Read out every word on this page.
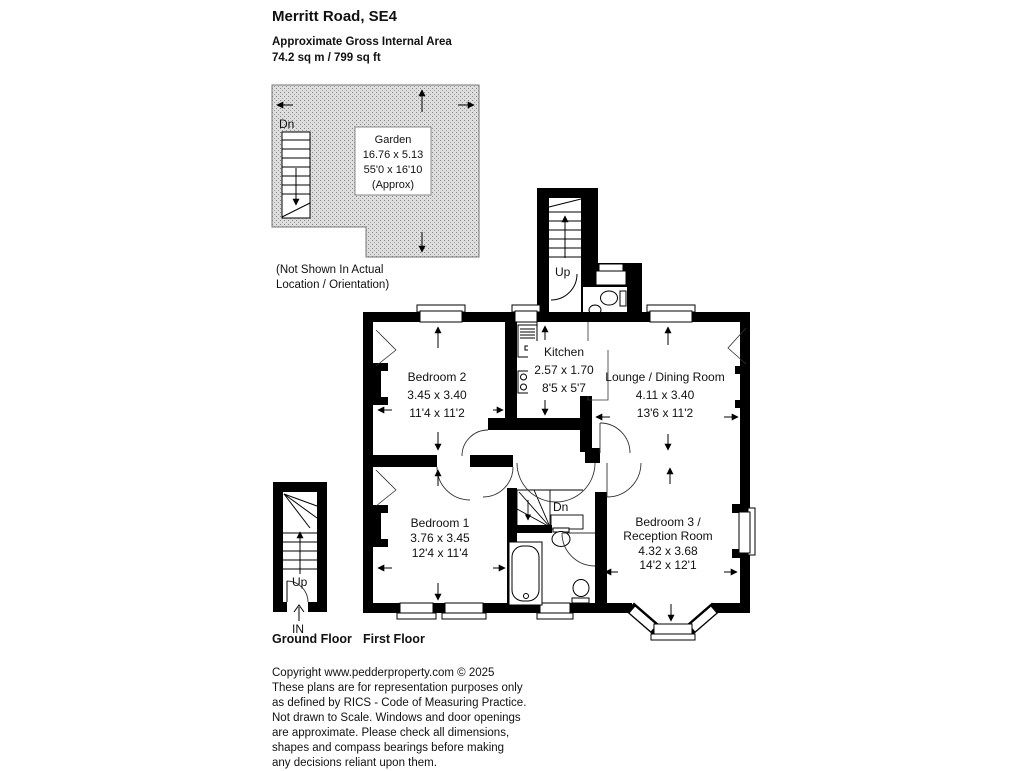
Merritt Road, SE4

Approximate Gross Internal Area

74.2 sq m / 799 sq ft

Dn
Garden
16.76 x 5.13
55'0 x 16'10
(Approx)
Up
Bedroom 2
3.45 x 3.40
11'4 x 11'2
Kitchen
2.57 x 1.70
8'5 x 5'7
Lounge / Dining Room
4.11 x 3.40
13'6 x 11'2
Bedroom 1
3.76 x 3.45
12'4 x 11'4
Bedroom 3 /
Reception Room
4.32 x 3.68
14'2 x 12'1
Dn
Up
IN
(Not Shown In Actual
Location / Orientation)
Ground Floor First Floor
Copyright www.pedderproperty.com © 2025
These plans are for representation purposes only
as defined by RICS - Code of Measuring Practice.
Not drawn to Scale. Windows and door openings
are approximate. Please check all dimensions,
shapes and compass bearings before making
any decisions reliant upon them.
